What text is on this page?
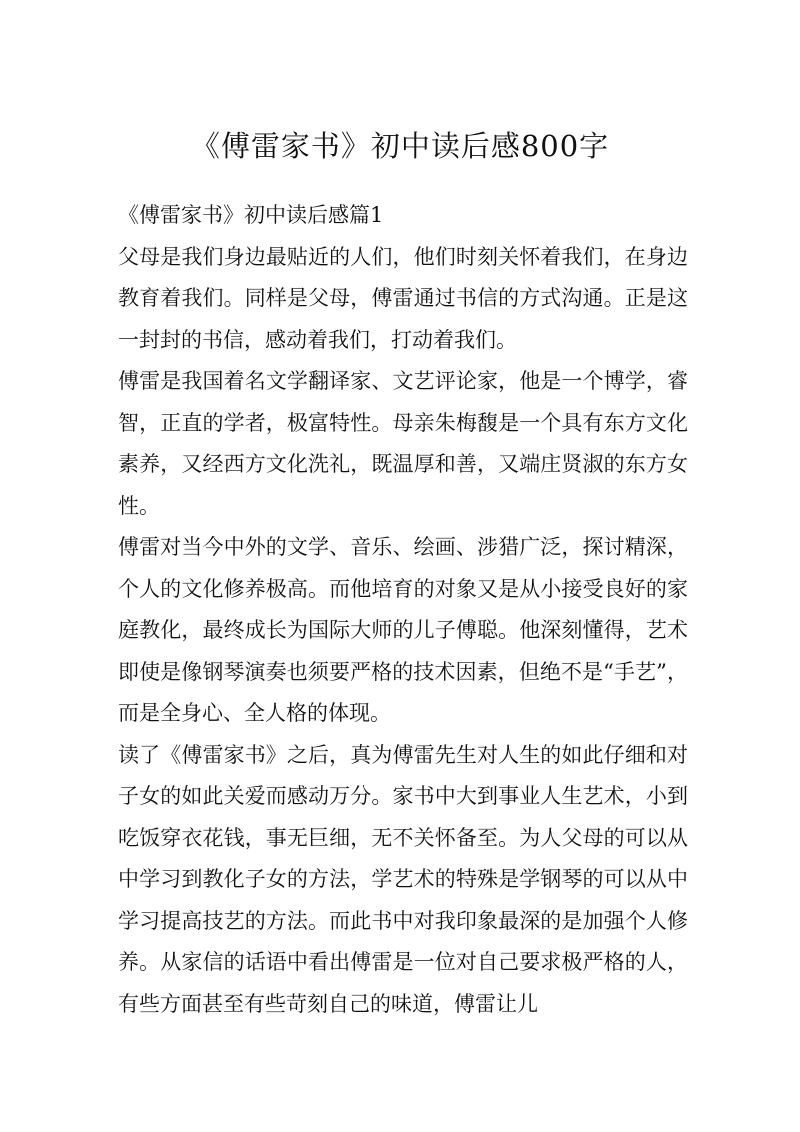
《傅雷家书》初中读后感800字

《傅雷家书》初中读后感篇1

父母是我们身边最贴近的人们，他们时刻关怀着我们，在身边教育着我们。同样是父母，傅雷通过书信的方式沟通。正是这一封封的书信，感动着我们，打动着我们。

傅雷是我国着名文学翻译家、文艺评论家，他是一个博学，睿智，正直的学者，极富特性。母亲朱梅馥是一个具有东方文化素养，又经西方文化洗礼，既温厚和善，又端庄贤淑的东方女性。

傅雷对当今中外的文学、音乐、绘画、涉猎广泛，探讨精深，个人的文化修养极高。而他培育的对象又是从小接受良好的家庭教化，最终成长为国际大师的儿子傅聪。他深刻懂得，艺术即使是像钢琴演奏也须要严格的技术因素，但绝不是“手艺”，而是全身心、全人格的体现。

读了《傅雷家书》之后，真为傅雷先生对人生的如此仔细和对子女的如此关爱而感动万分。家书中大到事业人生艺术，小到吃饭穿衣花钱，事无巨细，无不关怀备至。为人父母的可以从中学习到教化子女的方法，学艺术的特殊是学钢琴的可以从中学习提高技艺的方法。而此书中对我印象最深的是加强个人修养。从家信的话语中看出傅雷是一位对自己要求极严格的人，有些方面甚至有些苛刻自己的味道，傅雷让儿
